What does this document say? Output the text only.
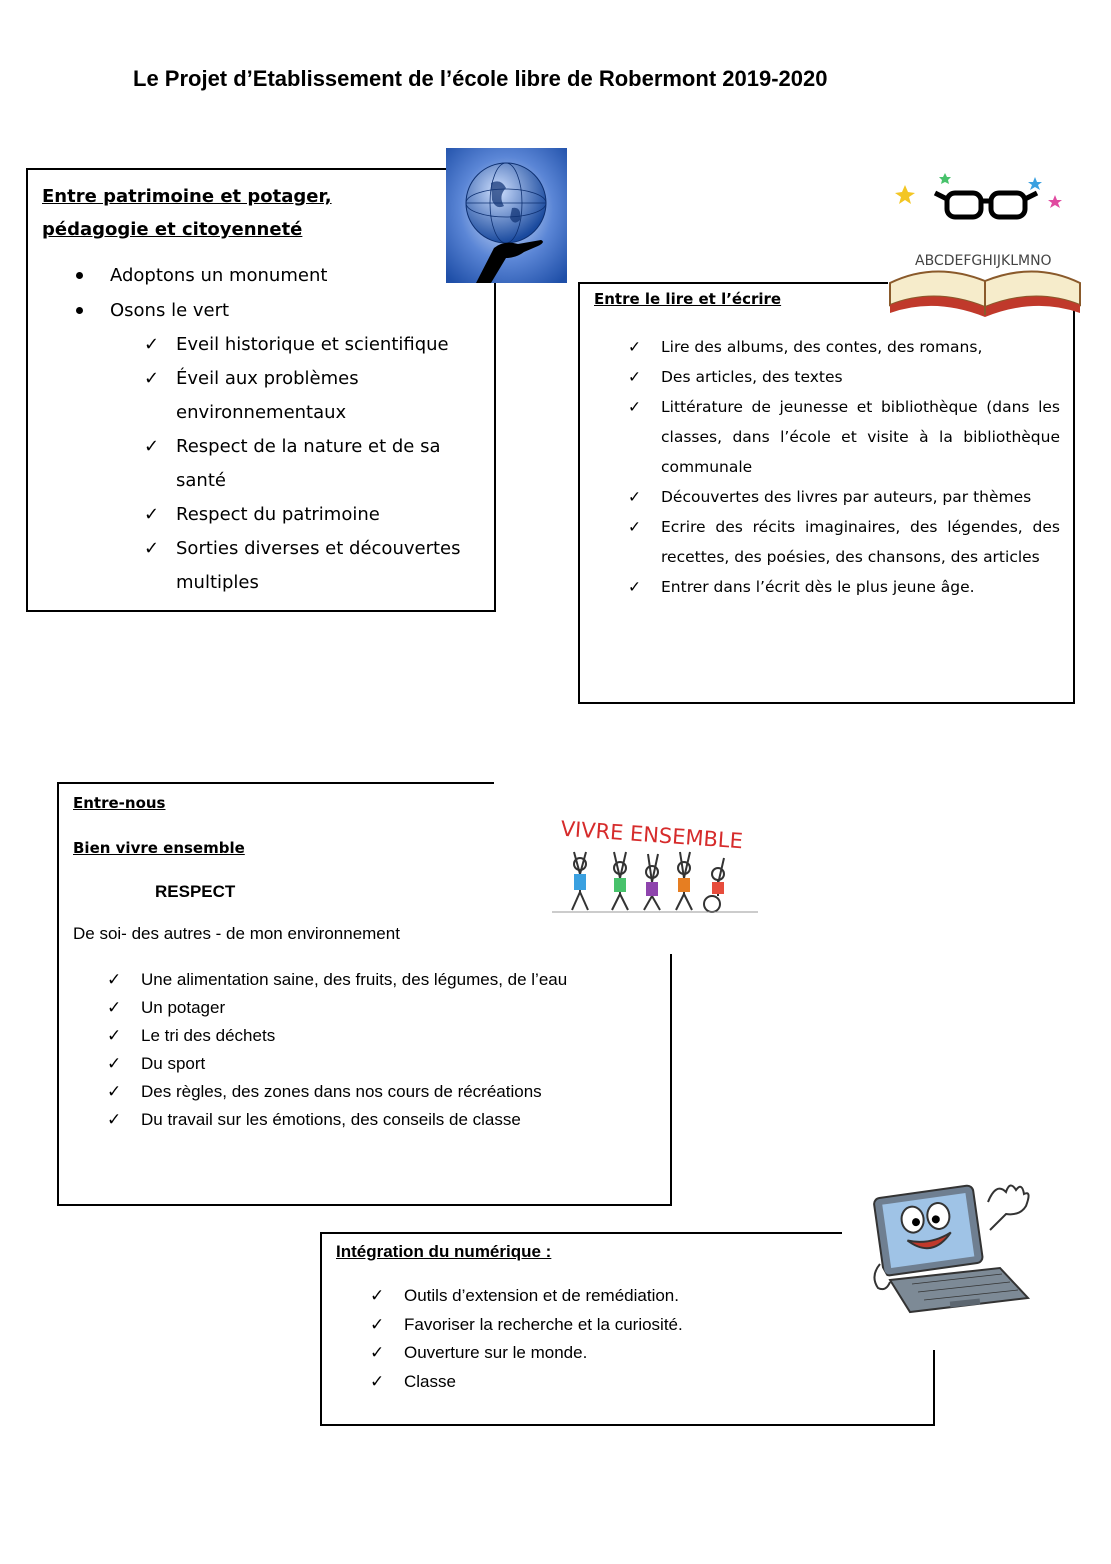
Le Projet d’Etablissement de l’école libre de Robermont 2019-2020
Entre patrimoine et potager, pédagogie et citoyenneté
Adoptons un monument
Osons le vert
✓ Eveil historique et scientifique
✓ Éveil aux problèmes environnementaux
✓ Respect de la nature et de sa santé
✓ Respect du patrimoine
✓ Sorties diverses et découvertes multiples
Entre le lire et l’écrire
✓ Lire des albums, des contes, des romans,
✓ Des articles, des textes
✓ Littérature de jeunesse et bibliothèque (dans les classes, dans l’école et visite à la bibliothèque communale
✓ Découvertes des livres par auteurs, par thèmes
✓ Ecrire des récits imaginaires, des légendes, des recettes, des poésies, des chansons, des articles
✓ Entrer dans l’écrit dès le plus jeune âge.
ABCDEFGHIJKLMNO
Entre-nous
Bien vivre ensemble
RESPECT
De soi- des autres - de mon environnement
✓ Une alimentation saine, des fruits, des légumes, de l’eau
✓ Un potager
✓ Le tri des déchets
✓ Du sport
✓ Des règles, des zones dans nos cours de récréations
✓ Du travail sur les émotions, des conseils de classe
VIVRE ENSEMBLE
Intégration du numérique :
✓ Outils d’extension et de remédiation.
✓ Favoriser la recherche et la curiosité.
✓ Ouverture sur le monde.
✓ Classe
